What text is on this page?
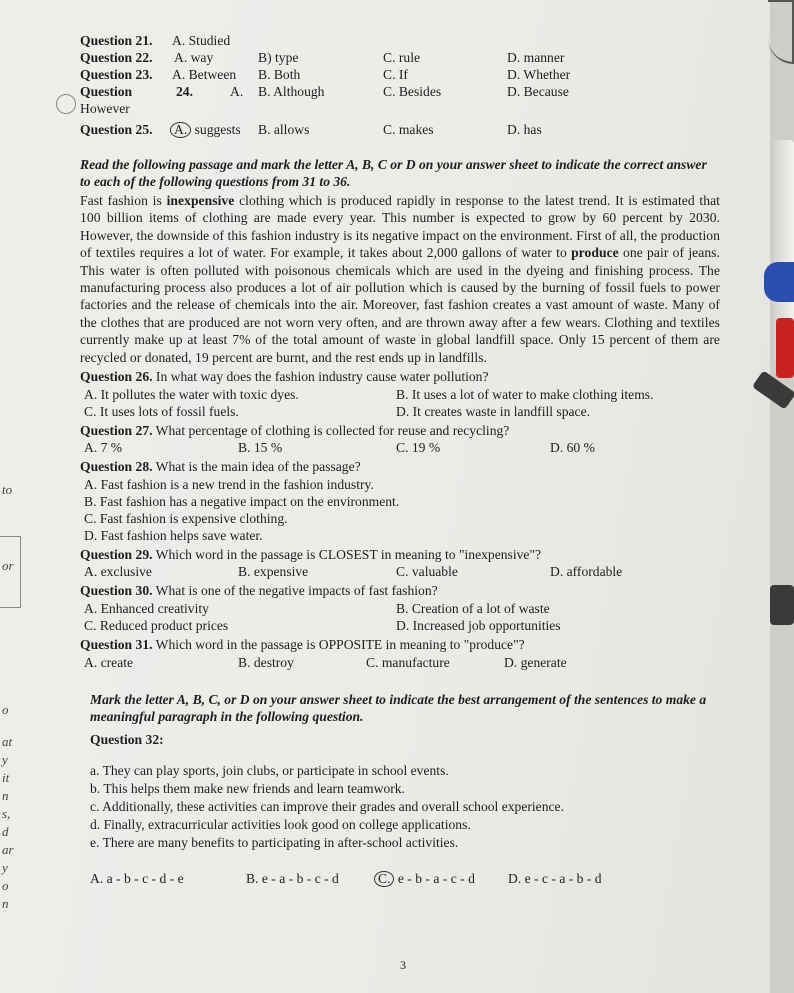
to
or
o
at
y
it
n
s,
d
ar
y
o
n
Question 21. A. Studied
Question 22. A. way	B) type	C. rule	D. manner
Question 23. A. Between B. Both	C. If	D. Whether
Question	24.	A. B. Although	C. Besides	D. Because
However
Question 25. A. suggests B. allows	C. makes	D. has
Read the following passage and mark the letter A, B, C or D on your answer sheet to indicate the correct answer to each of the following questions from 31 to 36.

Fast fashion is inexpensive clothing which is produced rapidly in response to the latest trend. It is estimated that 100 billion items of clothing are made every year. This number is expected to grow by 60 percent by 2030. However, the downside of this fashion industry is its negative impact on the environment. First of all, the production of textiles requires a lot of water. For example, it takes about 2,000 gallons of water to produce one pair of jeans. This water is often polluted with poisonous chemicals which are used in the dyeing and finishing process. The manufacturing process also produces a lot of air pollution which is caused by the burning of fossil fuels to power factories and the release of chemicals into the air. Moreover, fast fashion creates a vast amount of waste. Many of the clothes that are produced are not worn very often, and are thrown away after a few wears. Clothing and textiles currently make up at least 7% of the total amount of waste in global landfill space. Only 15 percent of them are recycled or donated, 19 percent are burnt, and the rest ends up in landfills.

Question 26. In what way does the fashion industry cause water pollution?
A. It pollutes the water with toxic dyes.	B. It uses a lot of water to make clothing items.
C. It uses lots of fossil fuels.	D. It creates waste in landfill space.
Question 27. What percentage of clothing is collected for reuse and recycling?
A. 7 %	B. 15 %	C. 19 %	D. 60 %
Question 28. What is the main idea of the passage?
A. Fast fashion is a new trend in the fashion industry.
B. Fast fashion has a negative impact on the environment.
C. Fast fashion is expensive clothing.
D. Fast fashion helps save water.
Question 29. Which word in the passage is CLOSEST in meaning to "inexpensive"?
A. exclusive	B. expensive	C. valuable	D. affordable
Question 30. What is one of the negative impacts of fast fashion?
A. Enhanced creativity	B. Creation of a lot of waste
C. Reduced product prices	D. Increased job opportunities
Question 31. Which word in the passage is OPPOSITE in meaning to "produce"?
A. create	B. destroy	C. manufacture	D. generate
Mark the letter A, B, C, or D on your answer sheet to indicate the best arrangement of the sentences to make a meaningful paragraph in the following question.
Question 32:
a. They can play sports, join clubs, or participate in school events.
b. This helps them make new friends and learn teamwork.
c. Additionally, these activities can improve their grades and overall school experience.
d. Finally, extracurricular activities look good on college applications.
e. There are many benefits to participating in after-school activities.
A. a - b - c - d - e	B. e - a - b - c - d	C. e - b - a - c - d D. e - c - a - b - d
3
